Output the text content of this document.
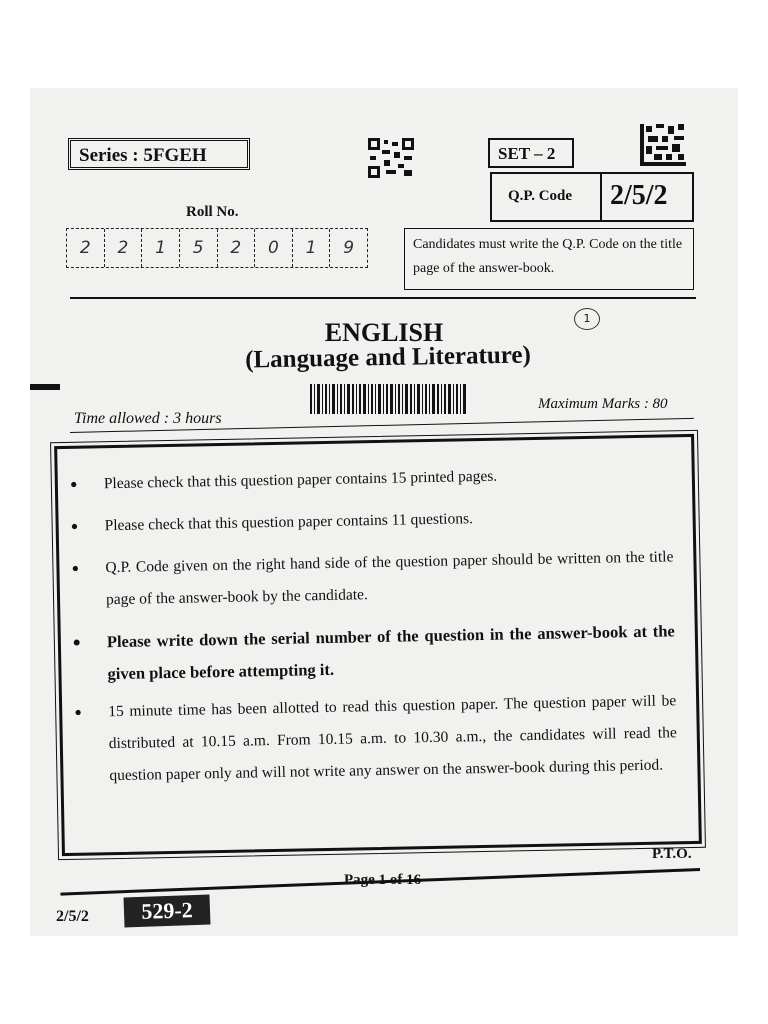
Series : 5FGEH	SET – 2
Q.P. Code 2/5/2
Roll No.
2	2	1	5	2	0	1	9	Candidates must write the Q.P. Code on the title page of the answer-book.
1
ENGLISH
(Language and Literature)
Time allowed : 3 hours
Maximum Marks : 80
• Please check that this question paper contains 15 printed pages.
• Please check that this question paper contains 11 questions.
• Q.P. Code given on the right hand side of the question paper should be written on the title page of the answer-book by the candidate.
• Please write down the serial number of the question in the answer-book at the given place before attempting it.
• 15 minute time has been allotted to read this question paper. The question paper will be distributed at 10.15 a.m. From 10.15 a.m. to 10.30 a.m., the candidates will read the question paper only and will not write any answer on the answer-book during this period.
P.T.O.
Page 1 of 16
2/5/2	529-2
